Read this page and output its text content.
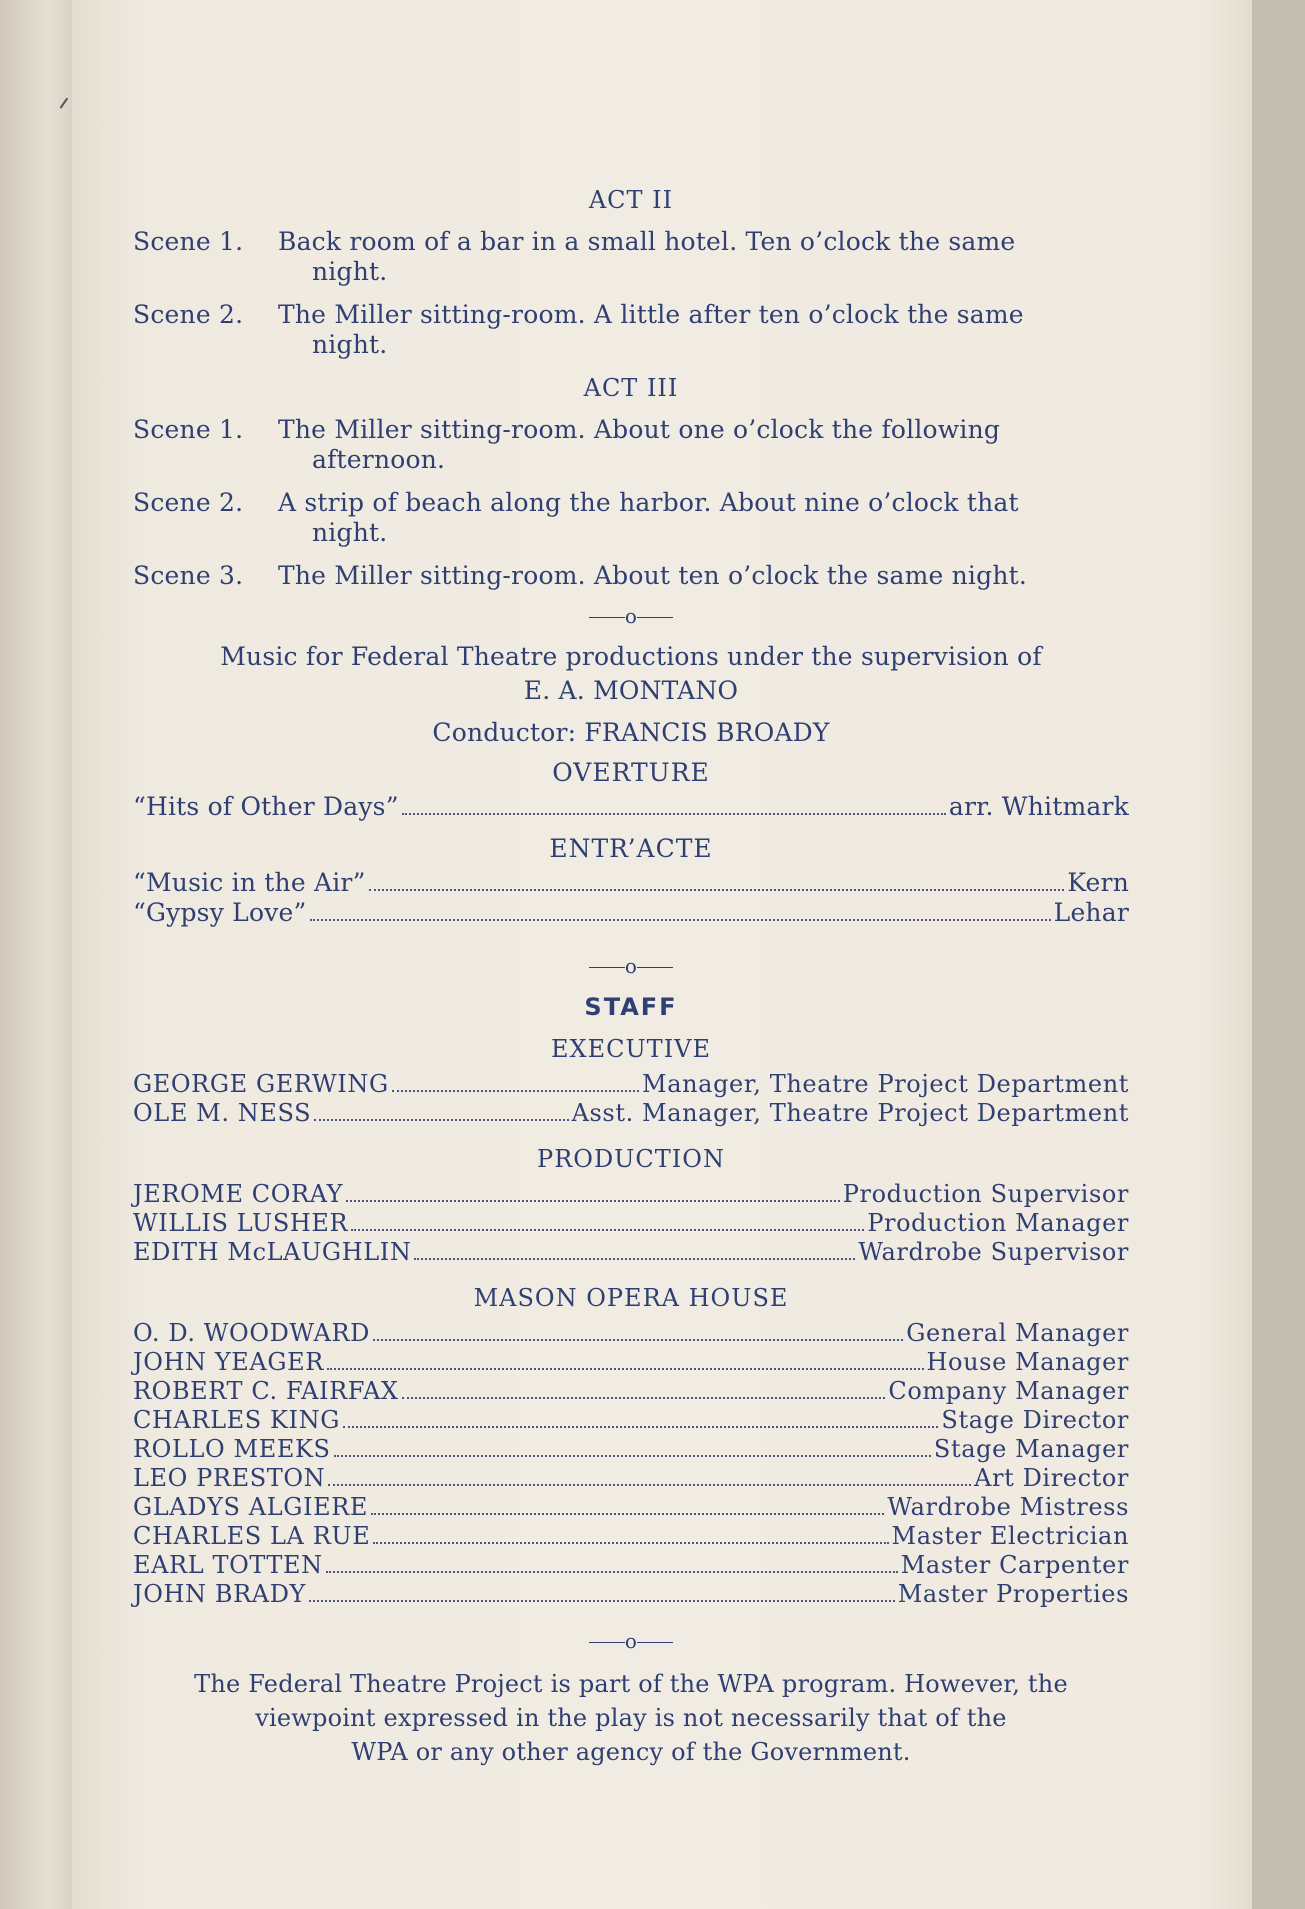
ACT II
Scene 1.	Back room of a bar in a small hotel. Ten o’clock the same
night.
Scene 2.	The Miller sitting-room. A little after ten o’clock the same
night.
ACT III
Scene 1.	The Miller sitting-room. About one o’clock the following
afternoon.
Scene 2.	A strip of beach along the harbor. About nine o’clock that
night.
Scene 3.	The Miller sitting-room. About ten o’clock the same night.
o
Music for Federal Theatre productions under the supervision of
E. A. MONTANO
Conductor: FRANCIS BROADY
OVERTURE
“Hits of Other Days”	arr. Whitmark
ENTR’ACTE
“Music in the Air”	Kern
“Gypsy Love”	Lehar
o
STAFF
EXECUTIVE
GEORGE GERWING	Manager, Theatre Project Department
OLE M. NESS	Asst. Manager, Theatre Project Department
PRODUCTION
JEROME CORAY	Production Supervisor
WILLIS LUSHER	Production Manager
EDITH McLAUGHLIN	Wardrobe Supervisor
MASON OPERA HOUSE
O. D. WOODWARD	General Manager
JOHN YEAGER	House Manager
ROBERT C. FAIRFAX	Company Manager
CHARLES KING	Stage Director
ROLLO MEEKS	Stage Manager
LEO PRESTON	Art Director
GLADYS ALGIERE	Wardrobe Mistress
CHARLES LA RUE	Master Electrician
EARL TOTTEN	Master Carpenter
JOHN BRADY	Master Properties
o
The Federal Theatre Project is part of the WPA program. However, the
viewpoint expressed in the play is not necessarily that of the
WPA or any other agency of the Government.
